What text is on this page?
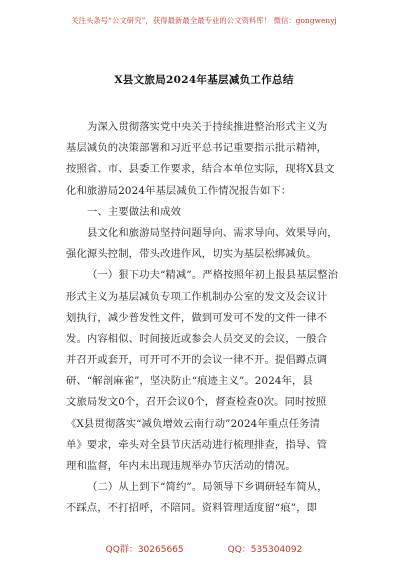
关注头条号“公文研究”，获得最新最全最专业的公文资料库！ 微信：gongwenyj
X县文旅局2024年基层减负工作总结
为深入贯彻落实党中央关于持续推进整治形式主义为
基层减负的决策部署和习近平总书记重要指示批示精神，
按照省、市、县委工作要求，结合本单位实际，现将X县文
化和旅游局2024年基层减负工作情况报告如下：
一、主要做法和成效
县文化和旅游局坚持问题导向、需求导向、效果导向，
强化源头控制，带头改进作风，切实为基层松绑减负。
（一）狠下功夫“精减”。严格按照年初上报县基层整治
形式主义为基层减负专项工作机制办公室的发文及会议计
划执行，减少普发性文件，做到可发可不发的文件一律不
发。内容相似、时间接近或参会人员交叉的会议，一般合
并召开或套开，可开可不开的会议一律不开。提倡蹲点调
研、“解剖麻雀”，坚决防止“痕迹主义”。2024年，县
文旅局发文0个，召开会议0个，督查检查0次。同时按照
《X县贯彻落实“减负增效云南行动”2024年重点任务清
单》要求，牵头对全县节庆活动进行梳理排查，指导、管
理和监督，年内未出现违规举办节庆活动的情况。
（二）从上到下“简约”。局领导下乡调研轻车简从，
不踩点，不打招呼，不陪同。资料管理适度留“痕”，即
QQ群：30265665	QQ：535304092
